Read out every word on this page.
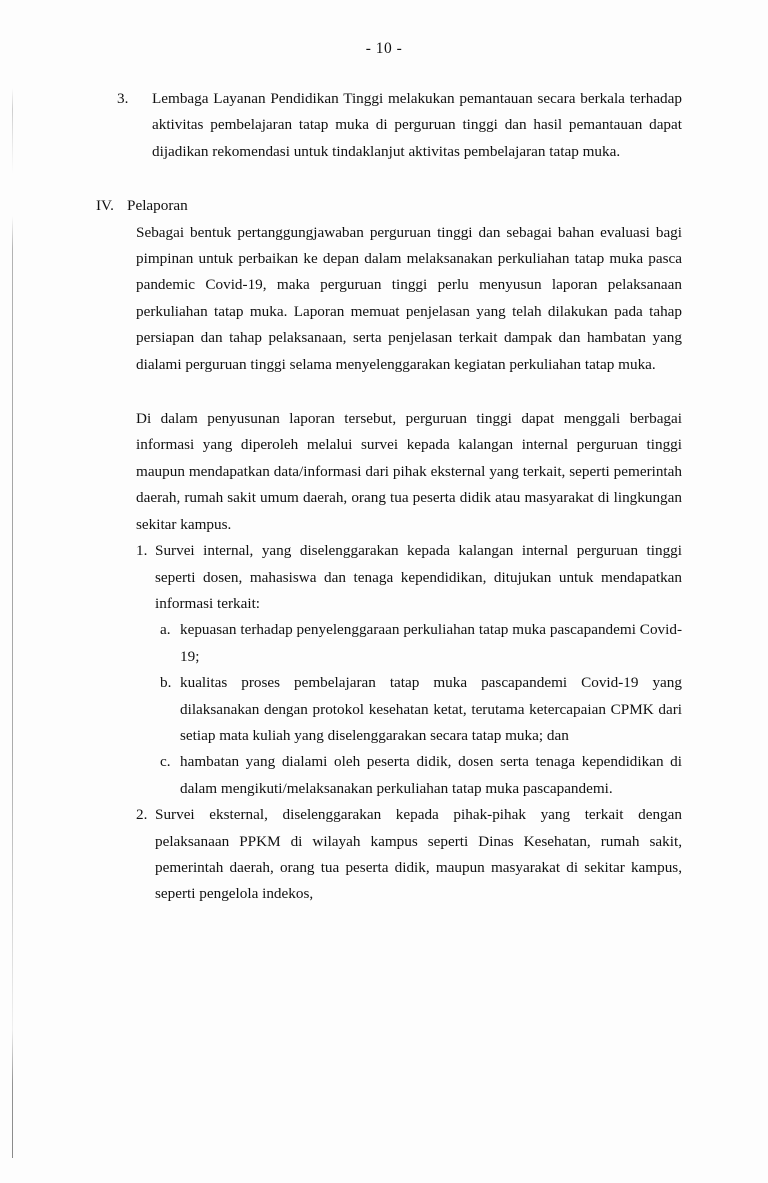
- 10 -
3.	Lembaga Layanan Pendidikan Tinggi melakukan pemantauan secara berkala terhadap aktivitas pembelajaran tatap muka di perguruan tinggi dan hasil pemantauan dapat dijadikan rekomendasi untuk tindaklanjut aktivitas pembelajaran tatap muka.
IV. Pelaporan
Sebagai bentuk pertanggungjawaban perguruan tinggi dan sebagai bahan evaluasi bagi pimpinan untuk perbaikan ke depan dalam melaksanakan perkuliahan tatap muka pasca pandemic Covid-19, maka perguruan tinggi perlu menyusun laporan pelaksanaan perkuliahan tatap muka. Laporan memuat penjelasan yang telah dilakukan pada tahap persiapan dan tahap pelaksanaan, serta penjelasan terkait dampak dan hambatan yang dialami perguruan tinggi selama menyelenggarakan kegiatan perkuliahan tatap muka.
Di dalam penyusunan laporan tersebut, perguruan tinggi dapat menggali berbagai informasi yang diperoleh melalui survei kepada kalangan internal perguruan tinggi maupun mendapatkan data/informasi dari pihak eksternal yang terkait, seperti pemerintah daerah, rumah sakit umum daerah, orang tua peserta didik atau masyarakat di lingkungan sekitar kampus.
1. Survei internal, yang diselenggarakan kepada kalangan internal perguruan tinggi seperti dosen, mahasiswa dan tenaga kependidikan, ditujukan untuk mendapatkan informasi terkait:
a. kepuasan terhadap penyelenggaraan perkuliahan tatap muka pascapandemi Covid-19;
b. kualitas proses pembelajaran tatap muka pascapandemi Covid-19 yang dilaksanakan dengan protokol kesehatan ketat, terutama ketercapaian CPMK dari setiap mata kuliah yang diselenggarakan secara tatap muka; dan
c. hambatan yang dialami oleh peserta didik, dosen serta tenaga kependidikan di dalam mengikuti/melaksanakan perkuliahan tatap muka pascapandemi.
2. Survei eksternal, diselenggarakan kepada pihak-pihak yang terkait dengan pelaksanaan PPKM di wilayah kampus seperti Dinas Kesehatan, rumah sakit, pemerintah daerah, orang tua peserta didik, maupun masyarakat di sekitar kampus, seperti pengelola indekos,
